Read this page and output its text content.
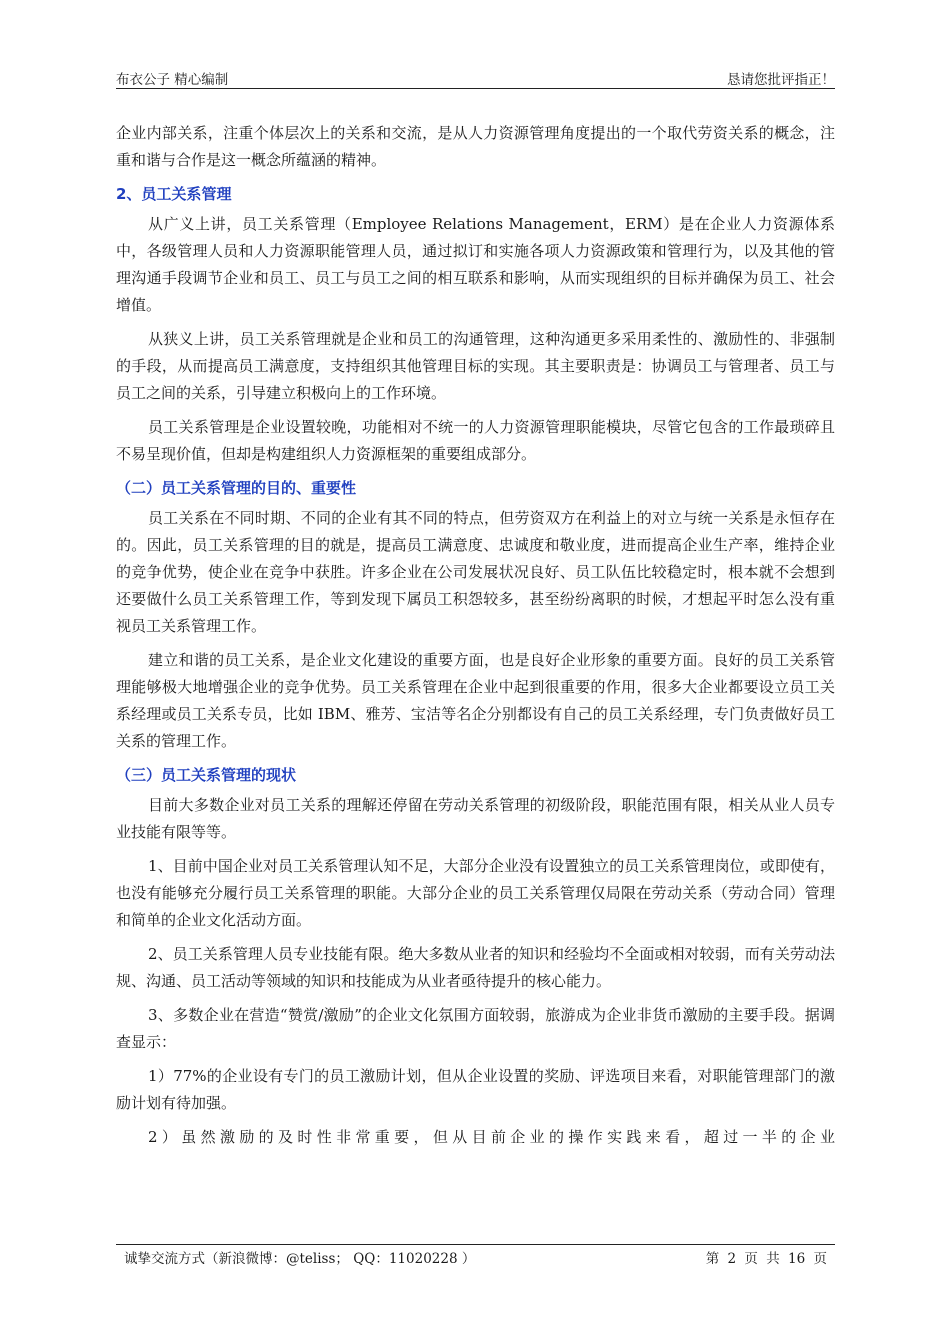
布衣公子 精心编制	恳请您批评指正！

企业内部关系，注重个体层次上的关系和交流，是从人力资源管理角度提出的一个取代劳资关系的概念，注重和谐与合作是这一概念所蕴涵的精神。

2、员工关系管理

从广义上讲，员工关系管理（Employee Relations Management，ERM）是在企业人力资源体系中，各级管理人员和人力资源职能管理人员，通过拟订和实施各项人力资源政策和管理行为，以及其他的管理沟通手段调节企业和员工、员工与员工之间的相互联系和影响，从而实现组织的目标并确保为员工、社会增值。

从狭义上讲，员工关系管理就是企业和员工的沟通管理，这种沟通更多采用柔性的、激励性的、非强制的手段，从而提高员工满意度，支持组织其他管理目标的实现。其主要职责是：协调员工与管理者、员工与员工之间的关系，引导建立积极向上的工作环境。

员工关系管理是企业设置较晚，功能相对不统一的人力资源管理职能模块，尽管它包含的工作最琐碎且不易呈现价值，但却是构建组织人力资源框架的重要组成部分。

（二）员工关系管理的目的、重要性

员工关系在不同时期、不同的企业有其不同的特点，但劳资双方在利益上的对立与统一关系是永恒存在的。因此，员工关系管理的目的就是，提高员工满意度、忠诚度和敬业度，进而提高企业生产率，维持企业的竞争优势，使企业在竞争中获胜。许多企业在公司发展状况良好、员工队伍比较稳定时，根本就不会想到还要做什么员工关系管理工作，等到发现下属员工积怨较多，甚至纷纷离职的时候，才想起平时怎么没有重视员工关系管理工作。

建立和谐的员工关系，是企业文化建设的重要方面，也是良好企业形象的重要方面。良好的员工关系管理能够极大地增强企业的竞争优势。员工关系管理在企业中起到很重要的作用，很多大企业都要设立员工关系经理或员工关系专员，比如 IBM、雅芳、宝洁等名企分别都设有自己的员工关系经理，专门负责做好员工关系的管理工作。

（三）员工关系管理的现状

目前大多数企业对员工关系的理解还停留在劳动关系管理的初级阶段，职能范围有限，相关从业人员专业技能有限等等。

1、目前中国企业对员工关系管理认知不足，大部分企业没有设置独立的员工关系管理岗位，或即使有，也没有能够充分履行员工关系管理的职能。大部分企业的员工关系管理仅局限在劳动关系（劳动合同）管理和简单的企业文化活动方面。

2、员工关系管理人员专业技能有限。绝大多数从业者的知识和经验均不全面或相对较弱，而有关劳动法规、沟通、员工活动等领域的知识和技能成为从业者亟待提升的核心能力。

3、多数企业在营造“赞赏/激励”的企业文化氛围方面较弱，旅游成为企业非货币激励的主要手段。据调查显示：

1）77%的企业设有专门的员工激励计划，但从企业设置的奖励、评选项目来看，对职能管理部门的激励计划有待加强。

2）虽然激励的及时性非常重要，但从目前企业的操作实践来看，超过一半的企业

诚挚交流方式（新浪微博：@teliss； QQ：11020228 ）	第 2 页 共 16 页
